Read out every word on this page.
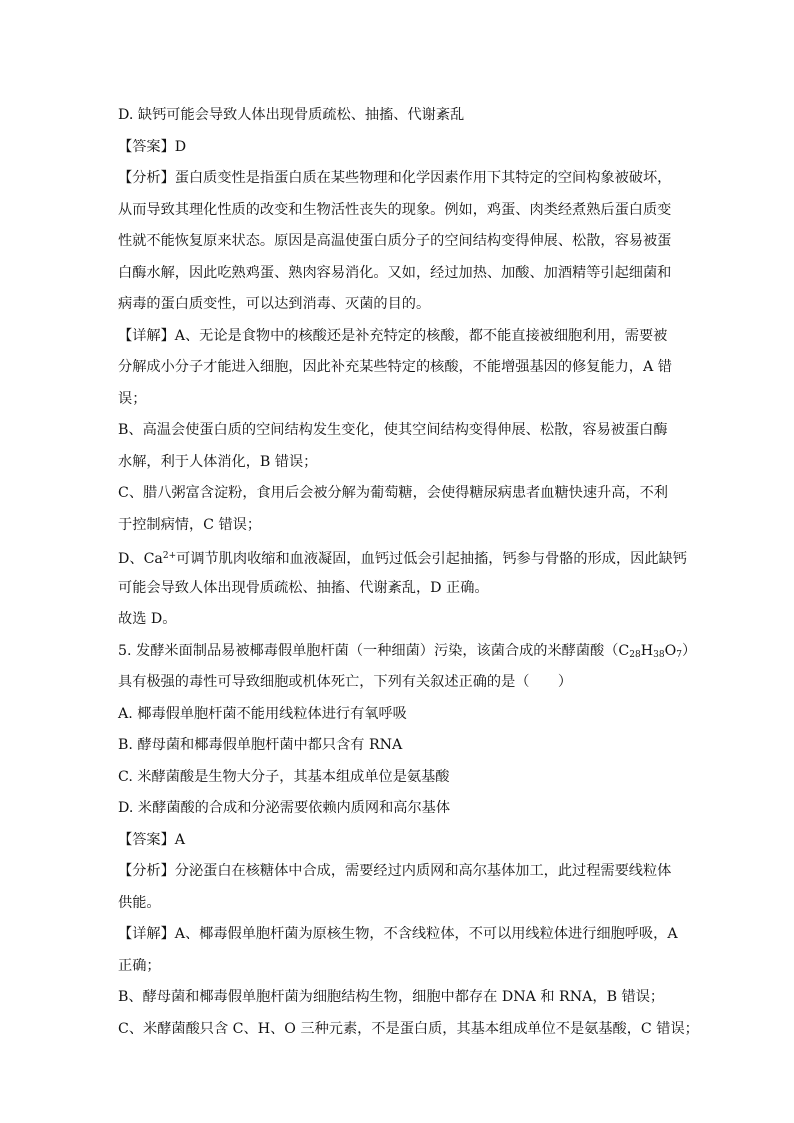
D. 缺钙可能会导致人体出现骨质疏松、抽搐、代谢紊乱
【答案】D
【分析】蛋白质变性是指蛋白质在某些物理和化学因素作用下其特定的空间构象被破坏，
从而导致其理化性质的改变和生物活性丧失的现象。例如，鸡蛋、肉类经煮熟后蛋白质变
性就不能恢复原来状态。原因是高温使蛋白质分子的空间结构变得伸展、松散，容易被蛋
白酶水解，因此吃熟鸡蛋、熟肉容易消化。又如，经过加热、加酸、加酒精等引起细菌和
病毒的蛋白质变性，可以达到消毒、灭菌的目的。
【详解】A、无论是食物中的核酸还是补充特定的核酸，都不能直接被细胞利用，需要被
分解成小分子才能进入细胞，因此补充某些特定的核酸，不能增强基因的修复能力，A 错
误；
B、高温会使蛋白质的空间结构发生变化，使其空间结构变得伸展、松散，容易被蛋白酶
水解，利于人体消化，B 错误；
C、腊八粥富含淀粉，食用后会被分解为葡萄糖，会使得糖尿病患者血糖快速升高，不利
于控制病情，C 错误；
D、$Ca^{2+}$可调节肌肉收缩和血液凝固，血钙过低会引起抽搐，钙参与骨骼的形成，因此缺钙
可能会导致人体出现骨质疏松、抽搐、代谢紊乱，D 正确。
故选 D。
5. 发酵米面制品易被椰毒假单胞杆菌（一种细菌）污染，该菌合成的米酵菌酸$(C_{28}H_{38}O_7)$
具有极强的毒性可导致细胞或机体死亡，下列有关叙述正确的是（　　）
A. 椰毒假单胞杆菌不能用线粒体进行有氧呼吸
B. 酵母菌和椰毒假单胞杆菌中都只含有 RNA
C. 米酵菌酸是生物大分子，其基本组成单位是氨基酸
D. 米酵菌酸的合成和分泌需要依赖内质网和高尔基体
【答案】A
【分析】分泌蛋白在核糖体中合成，需要经过内质网和高尔基体加工，此过程需要线粒体
供能。
【详解】A、椰毒假单胞杆菌为原核生物，不含线粒体，不可以用线粒体进行细胞呼吸，A
正确；
B、酵母菌和椰毒假单胞杆菌为细胞结构生物，细胞中都存在 DNA 和 RNA，B 错误；
C、米酵菌酸只含 C、H、O 三种元素，不是蛋白质，其基本组成单位不是氨基酸，C 错误；
